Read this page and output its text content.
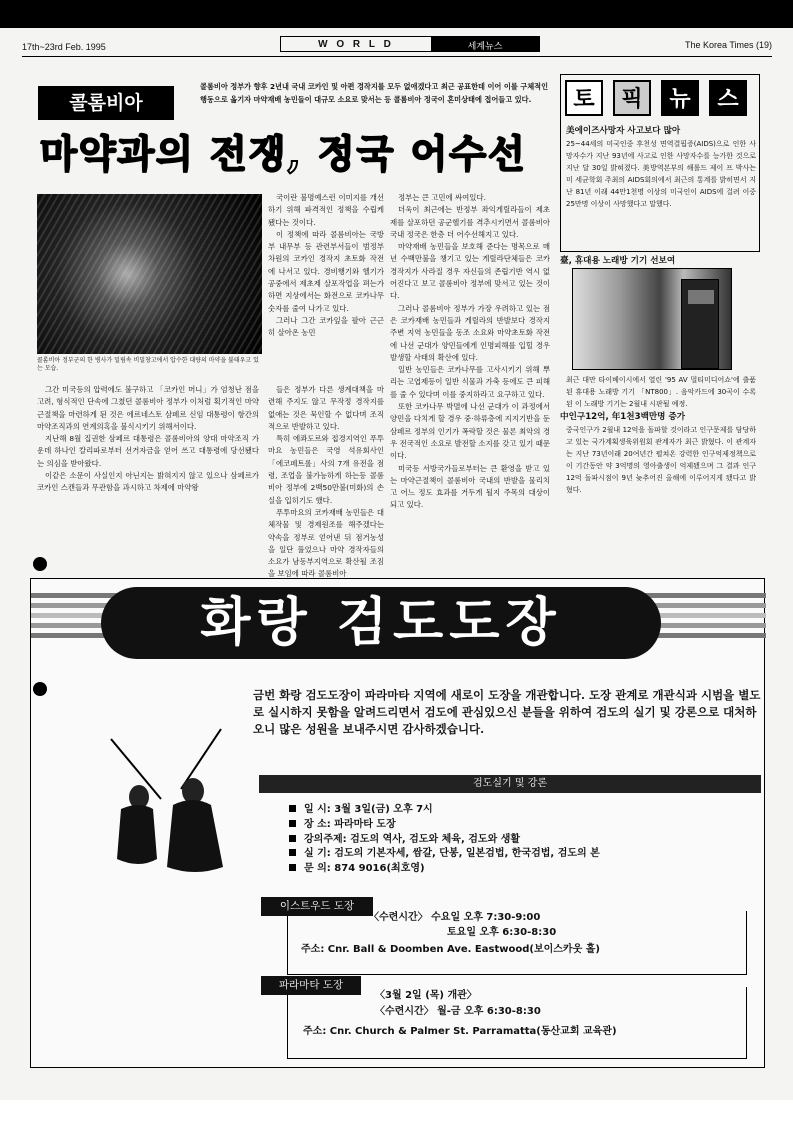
17th~23rd Feb. 1995	W O R L D	세계뉴스	The Korea Times (19)
콜롬비아
콜롬비아 정부가 향후 2년내 국내 코카인 및 아편 경작지를 모두 없애겠다고 최근 공표한데 이어 이를 구체적인 행동으로 옮기자 마약재배 농민들이 대규모 소요로 맞서는 등 콜롬비아 정국이 혼미상태에 접어들고 있다.
마약과의 전쟁, 정국 어수선
콜롬비아 정부군의 한 병사가 밀림속 비밀창고에서 압수한 대량의 마약을 불태우고 있는 모습.

그간 미국등의 압력에도 불구하고 「코카인 머니」가 엄청난 점을 고려, 형식적인 단속에 그쳤던 콜롬비아 정부가 이처럼 획기적인 마약근절책을 마련하게 된 것은 에르네스토 삼페르 신임 대통령이 항간의 마약조직과의 연계의혹을 불식시키기 위해서이다.

지난해 8월 집권한 삼페르 대통령은 콜롬비아의 양대 마약조직 가운데 하나인 칼리파로부터 선거자금을 얻어 쓰고 대통령에 당선됐다는 의심을 받아왔다.

이같은 소문이 사실인지 아닌지는 밝혀지지 않고 있으나 삼페르가 코카인 스캔들과 무관함을 과시하고 차제에 마약왕

국이란 불명예스런 이미지를 개선하기 위해 파격적인 정책을 수립케 됐다는 것이다.

이 정책에 따라 콜롬비아는 국방부 내무부 등 관련부서들이 범정부차원의 코카인 경작지 초토화 작전에 나서고 있다. 경비행기와 헬기가 공중에서 제초제 살포작업을 펴는가하면 지상에서는 화전으로 코카나무 숫자를 줄여 나가고 있다.

그러나 그간 코카잎을 팔아 근근히 살아온 농민

들은 정부가 다른 생계대책을 마련해 주지도 않고 무작정 경작지를 없애는 것은 묵인할 수 없다며 조직적으로 반발하고 있다.

특히 에콰도르와 접경지역인 푸투마요 농민들은 국영 석유회사인 「에코페트롤」사의 7개 유전을 점령, 조업을 불가능하게 하는등 콜롬비아 정부에 2백50만불(미화)의 손실을 입히기도 했다.

푸투마요의 코카재배 농민들은 대체작물 및 경제원조를 해주겠다는 약속을 정부로 얻어낸 뒤 점거농성을 일단 풀었으나 마약 경작자들의 소요가 남동부지역으로 확산될 조짐을 보임에 따라 콜롬비아

정부는 큰 고민에 싸여있다.

더욱이 최근에는 반정부 좌익게릴라들이 제초제를 살포하던 공군헬기를 격추시키면서 콜롬비아 국내 정국은 한층 더 어수선해지고 있다.

마약재배 농민들을 보호해 준다는 명목으로 매년 수백만불을 챙기고 있는 게릴라단체들은 코카경작지가 사라질 경우 자신들의 존립기반 역시 없어진다고 보고 콜롬비아 정부에 맞서고 있는 것이다.

그러나 콜롬비아 정부가 가장 우려하고 있는 점은 코카재배 농민들과 게릴라의 반발보다 경작지 주변 지역 농민들을 동조 소요와 마약초토화 작전에 나선 군대가 양민들에게 인명피해를 입힐 경우 발생할 사태의 확산에 있다.

일반 농민들은 코카나무를 고사시키기 위해 뿌리는 고엽제등이 일반 식물과 가축 등에도 큰 피해를 줄 수 있다며 이를 중지하라고 요구하고 있다.

또한 코카나무 박멸에 나선 군대가 이 과정에서 양민을 다치게 할 경우 중·하류층에 지지기반을 둔 삼페르 정부의 인기가 폭락할 것은 물론 최악의 경우 전국적인 소요로 발전할 소지를 갖고 있기 때문이다.

미국등 서방국가들로부터는 큰 환영을 받고 있는 마약근절책이 콜롬비아 국내의 반발을 물리치고 어느 정도 효과를 거두게 될지 주목의 대상이 되고 있다.

토	픽	뉴	스
美에이즈사망자 사고보다 많아
25~44세의 미국인중 후천성 면역결핍증(AIDS)으로 인한 사망자수가 지난 93년에 사고로 인한 사망자수를 능가한 것으로 지난 달 30일 밝혀졌다. 美방역본부의 해롤드 제이 프 박사는 미 세균학회 주최의 AIDS회의에서 최근의 통계를 밝히면서 지난 81년 이래 44만1천명 이상의 미국인이 AIDS에 걸려 이중 25만명 이상이 사망했다고 말했다.
臺, 휴대용 노래방 기기 선보여
최근 대만 타이베이시에서 열린 '95 AV 멀티미디어쇼'에 출품된 휴대용 노래방 기기 「NT800」. 음악카드에 30곡이 수록된 이 노래방 기기는 2월내 시판될 예정.
中인구12억, 年1천3백만명 증가
중국인구가 2월내 12억을 돌파할 것이라고 인구문제를 담당하고 있는 국가계획생육위원회 관계자가 최근 밝혔다. 이 관계자는 지난 73년이래 20여년간 펼쳐온 강력한 인구억제정책으로 이 기간동안 약 3억명의 영아출생이 억제됐으며 그 결과 인구 12억 돌파시점이 9년 늦추어진 올해에 이루어지게 됐다고 밝혔다.
화랑 검도도장
금번 화랑 검도도장이 파라마타 지역에 새로이 도장을 개관합니다. 도장 관계로 개관식과 시범을 별도로 실시하지 못함을 알려드리면서 검도에 관심있으신 분들을 위하여 검도의 실기 및 강론으로 대처하오니 많은 성원을 보내주시면 감사하겠습니다.
검도실기 및 강론
일 시: 3월 3일(금) 오후 7시
장 소: 파라마타 도장
강의주제: 검도의 역사, 검도와 체육, 검도와 생활
실 기: 검도의 기본자세, 쌈갈, 단봉, 일본검법, 한국검법, 검도의 본
문 의: 874 9016(최호영)
이스트우드 도장
〈수련시간〉 수요일 오후 7:30-9:00
토요일 오후 6:30-8:30
주소: Cnr. Ball & Doomben Ave. Eastwood(보이스카웃 홀)
파라마타 도장
〈3월 2일 (목) 개관〉
〈수련시간〉 월-금 오후 6:30-8:30
주소: Cnr. Church & Palmer St. Parramatta(동산교회 교육관)
